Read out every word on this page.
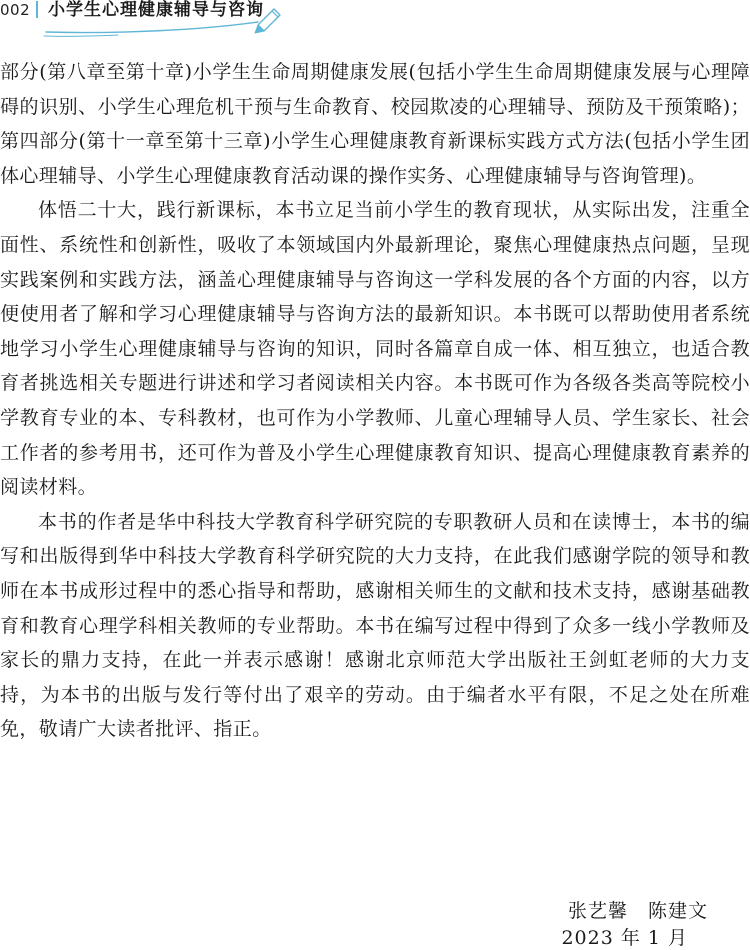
002 小学生心理健康辅导与咨询

部分(第八章至第十章)小学生生命周期健康发展(包括小学生生命周期健康发展与心理障碍的识别、小学生心理危机干预与生命教育、校园欺凌的心理辅导、预防及干预策略)；第四部分(第十一章至第十三章)小学生心理健康教育新课标实践方式方法(包括小学生团体心理辅导、小学生心理健康教育活动课的操作实务、心理健康辅导与咨询管理)。

体悟二十大，践行新课标，本书立足当前小学生的教育现状，从实际出发，注重全面性、系统性和创新性，吸收了本领域国内外最新理论，聚焦心理健康热点问题，呈现实践案例和实践方法，涵盖心理健康辅导与咨询这一学科发展的各个方面的内容，以方便使用者了解和学习心理健康辅导与咨询方法的最新知识。本书既可以帮助使用者系统地学习小学生心理健康辅导与咨询的知识，同时各篇章自成一体、相互独立，也适合教育者挑选相关专题进行讲述和学习者阅读相关内容。本书既可作为各级各类高等院校小学教育专业的本、专科教材，也可作为小学教师、儿童心理辅导人员、学生家长、社会工作者的参考用书，还可作为普及小学生心理健康教育知识、提高心理健康教育素养的阅读材料。

本书的作者是华中科技大学教育科学研究院的专职教研人员和在读博士，本书的编写和出版得到华中科技大学教育科学研究院的大力支持，在此我们感谢学院的领导和教师在本书成形过程中的悉心指导和帮助，感谢相关师生的文献和技术支持，感谢基础教育和教育心理学科相关教师的专业帮助。本书在编写过程中得到了众多一线小学教师及家长的鼎力支持，在此一并表示感谢！感谢北京师范大学出版社王剑虹老师的大力支持，为本书的出版与发行等付出了艰辛的劳动。由于编者水平有限，不足之处在所难免，敬请广大读者批评、指正。

张艺馨　陈建文
2023 年 1 月
